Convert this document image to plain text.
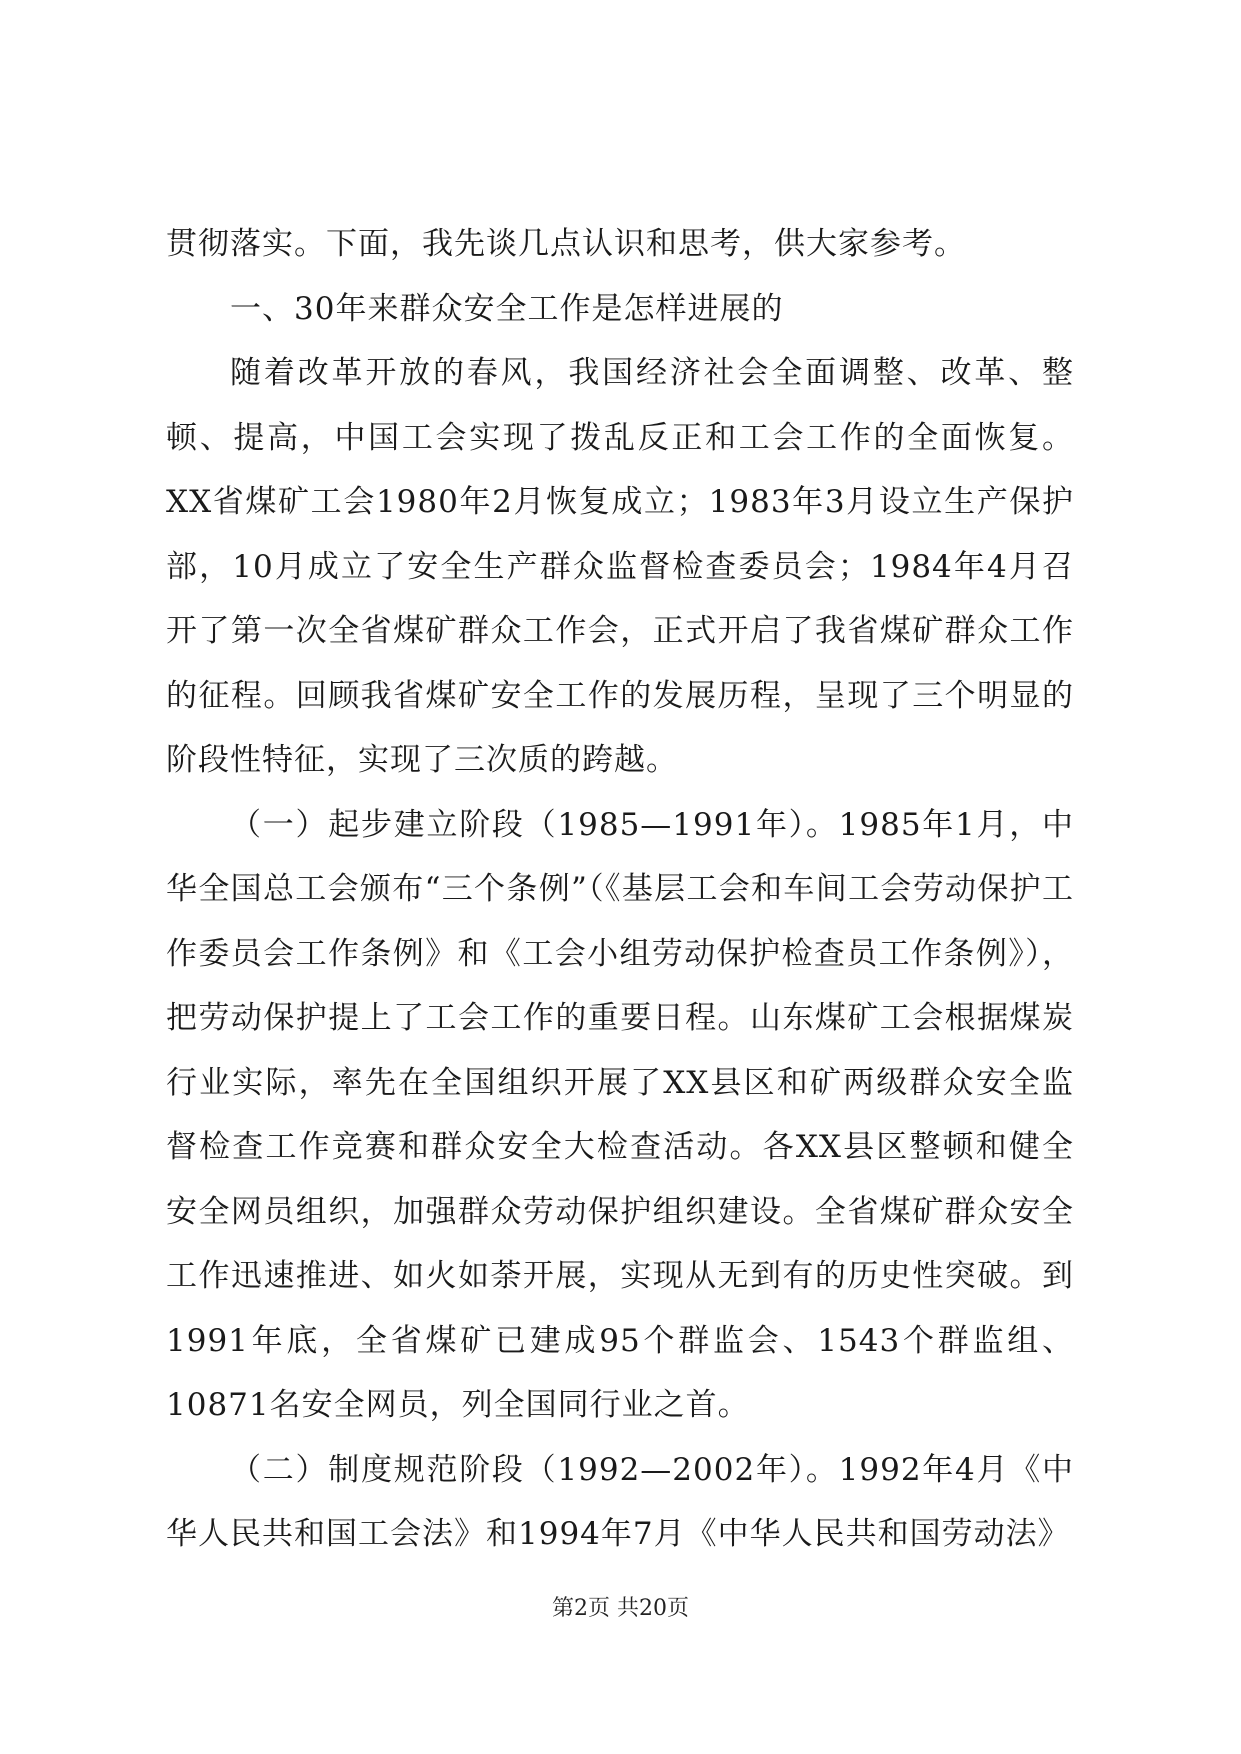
贯彻落实。下面，我先谈几点认识和思考，供大家参考。

一、30年来群众安全工作是怎样进展的

随着改革开放的春风，我国经济社会全面调整、改革、整顿、提高，中国工会实现了拨乱反正和工会工作的全面恢复。XX省煤矿工会1980年2月恢复成立；1983年3月设立生产保护部，10月成立了安全生产群众监督检查委员会；1984年4月召开了第一次全省煤矿群众工作会，正式开启了我省煤矿群众工作的征程。回顾我省煤矿安全工作的发展历程，呈现了三个明显的阶段性特征，实现了三次质的跨越。

（一）起步建立阶段（1985—1991年）。1985年1月，中华全国总工会颁布“三个条例”（《基层工会和车间工会劳动保护工作委员会工作条例》和《工会小组劳动保护检查员工作条例》），把劳动保护提上了工会工作的重要日程。山东煤矿工会根据煤炭行业实际，率先在全国组织开展了XX县区和矿两级群众安全监督检查工作竞赛和群众安全大检查活动。各XX县区整顿和健全安全网员组织，加强群众劳动保护组织建设。全省煤矿群众安全工作迅速推进、如火如荼开展，实现从无到有的历史性突破。到1991年底，全省煤矿已建成95个群监会、1543个群监组、10871名安全网员，列全国同行业之首。

（二）制度规范阶段（1992—2002年）。1992年4月《中华人民共和国工会法》和1994年7月《中华人民共和国劳动法》

第2页 共20页
